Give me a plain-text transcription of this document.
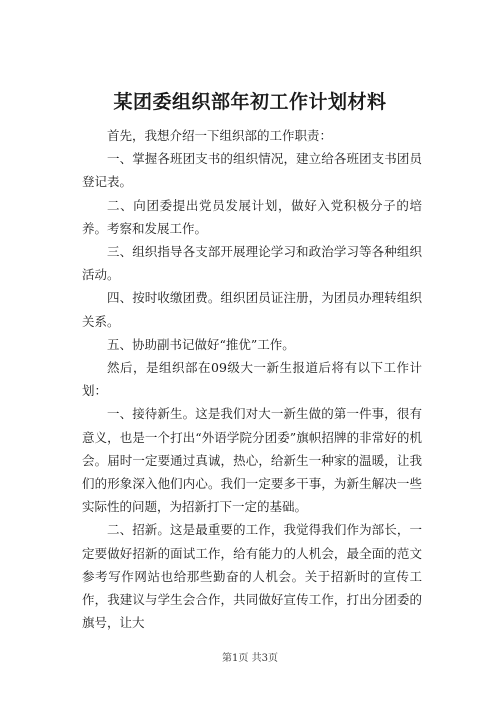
某团委组织部年初工作计划材料

首先，我想介绍一下组织部的工作职责：

一、掌握各班团支书的组织情况，建立给各班团支书团员登记表。

二、向团委提出党员发展计划，做好入党积极分子的培养。考察和发展工作。

三、组织指导各支部开展理论学习和政治学习等各种组织活动。

四、按时收缴团费。组织团员证注册，为团员办理转组织关系。

五、协助副书记做好“推优”工作。

然后，是组织部在09级大一新生报道后将有以下工作计划：

一、接待新生。这是我们对大一新生做的第一件事，很有意义，也是一个打出“外语学院分团委”旗帜招牌的非常好的机会。届时一定要通过真诚，热心，给新生一种家的温暖，让我们的形象深入他们内心。我们一定要多干事，为新生解决一些实际性的问题，为招新打下一定的基础。

二、招新。这是最重要的工作，我觉得我们作为部长，一定要做好招新的面试工作，给有能力的人机会，最全面的范文参考写作网站也给那些勤奋的人机会。关于招新时的宣传工作，我建议与学生会合作，共同做好宣传工作，打出分团委的旗号，让大

第1页 共3页
